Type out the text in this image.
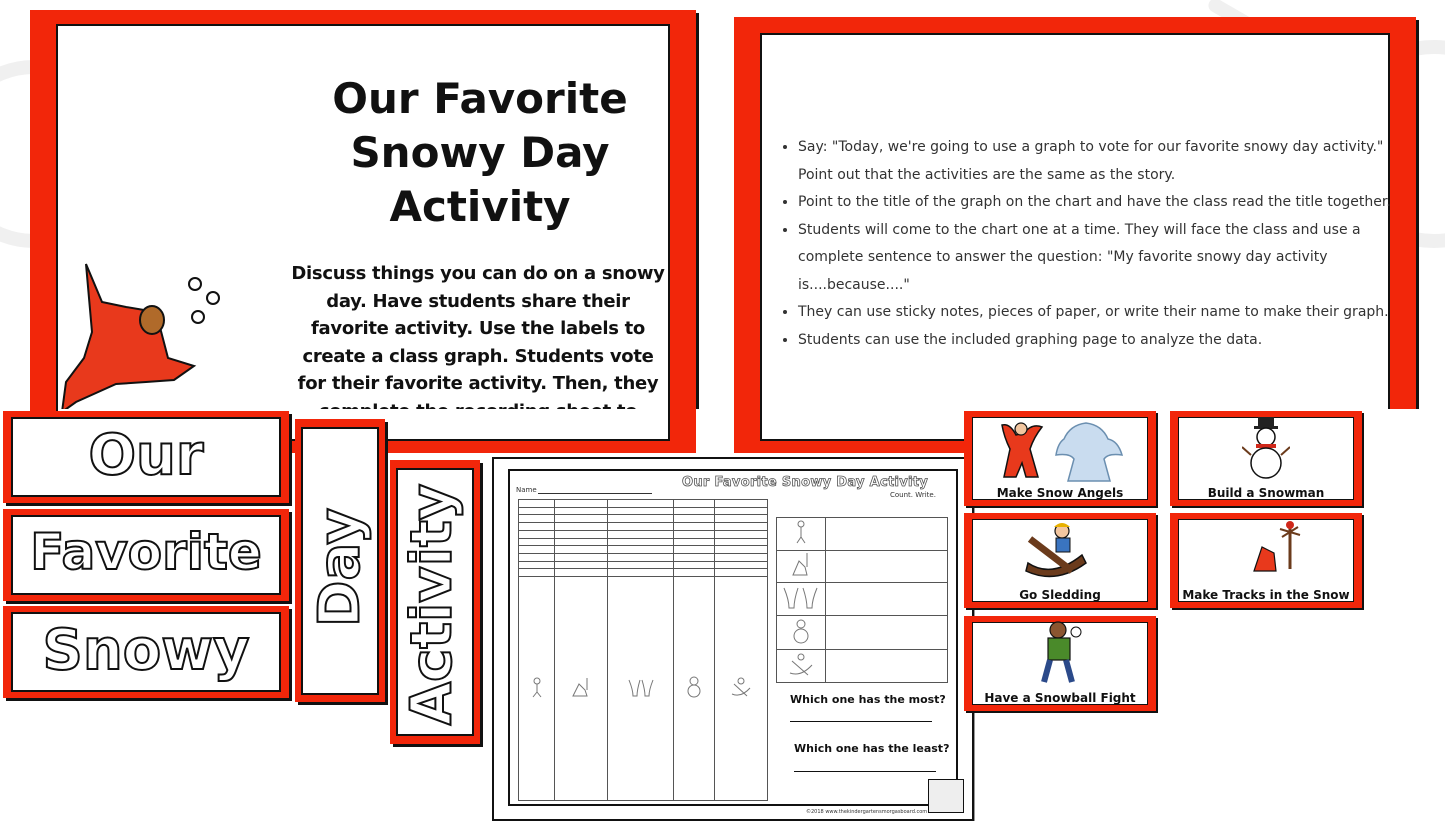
Our Favorite
Snowy Day
Activity
Discuss things you can do on a snowy day. Have students share their favorite activity. Use the labels to create a class graph. Students vote for their favorite activity. Then, they
• Say: "Today, we're going to use a graph to vote for our favorite snowy day activity." Point out that the activities are the same as the story.
• Point to the title of the graph on the chart and have the class read the title together.
• Students will come to the chart one at a time. They will face the class and use a complete sentence to answer the question: "My favorite snowy day activity is....because...."
• They can use sticky notes, pieces of paper, or write their name to make their graph.
• Students can use the included graphing page to analyze the data.
Our
Favorite
Snowy
Day Activity
Our Favorite Snowy Day Activity
Name
Count. Write.

Which one has the most?
Which one has the least?
©2018 www.thekindergartensmorgasboard.com
Make Snow Angels	Build a Snowman
Go Sledding	Make Tracks in the Snow
Have a Snowball Fight
